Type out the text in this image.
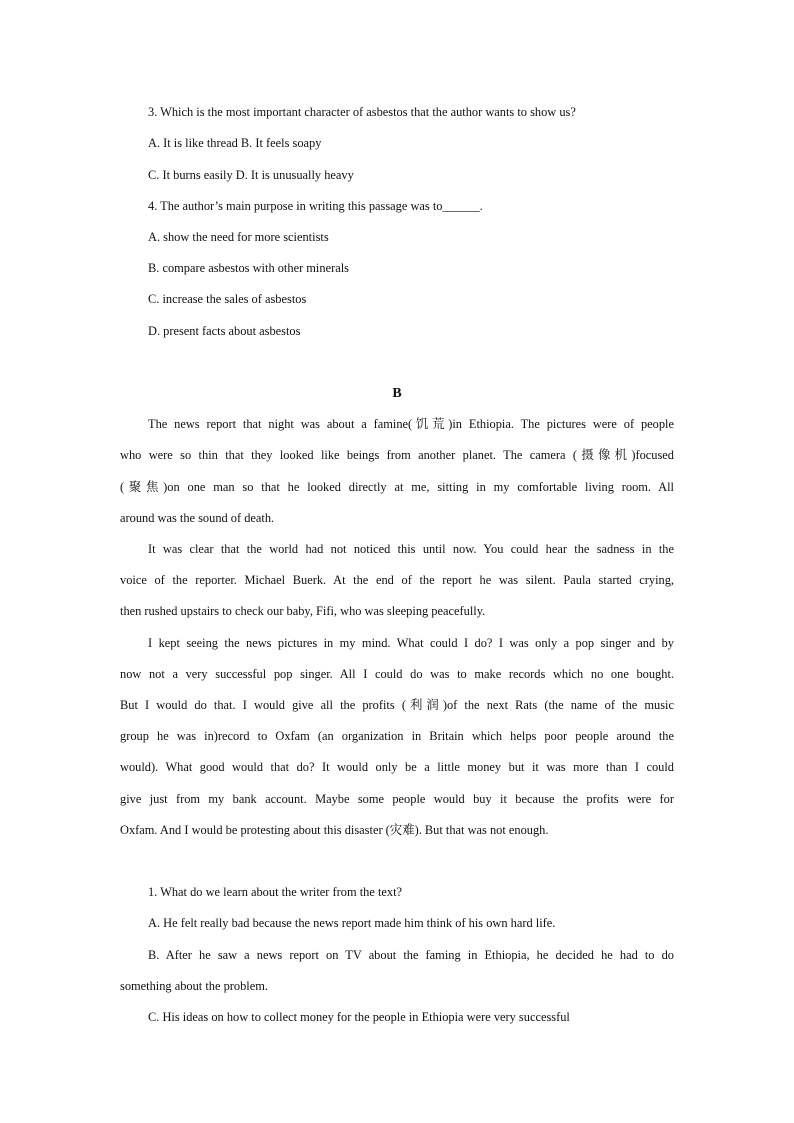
3. Which is the most important character of asbestos that the author wants to show us?
A. It is like thread B. It feels soapy
C. It burns easily D. It is unusually heavy
4. The author’s main purpose in writing this passage was to______.
A. show the need for more scientists
B. compare asbestos with other minerals
C. increase the sales of asbestos
D. present facts about asbestos
B
The news report that night was about a famine(饥荒)in Ethiopia. The pictures were of people
who were so thin that they looked like beings from another planet. The camera (摄像机)focused
(聚焦)on one man so that he looked directly at me, sitting in my comfortable living room. All
around was the sound of death.
It was clear that the world had not noticed this until now. You could hear the sadness in the
voice of the reporter. Michael Buerk. At the end of the report he was silent. Paula started crying,
then rushed upstairs to check our baby, Fifi, who was sleeping peacefully.
I kept seeing the news pictures in my mind. What could I do? I was only a pop singer and by
now not a very successful pop singer. All I could do was to make records which no one bought.
But I would do that. I would give all the profits (利润)of the next Rats (the name of the music
group he was in)record to Oxfam (an organization in Britain which helps poor people around the
would). What good would that do? It would only be a little money but it was more than I could
give just from my bank account. Maybe some people would buy it because the profits were for
Oxfam. And I would be protesting about this disaster (灾难). But that was not enough.
1. What do we learn about the writer from the text?
A. He felt really bad because the news report made him think of his own hard life.
B. After he saw a news report on TV about the faming in Ethiopia, he decided he had to do
something about the problem.
C. His ideas on how to collect money for the people in Ethiopia were very successful
